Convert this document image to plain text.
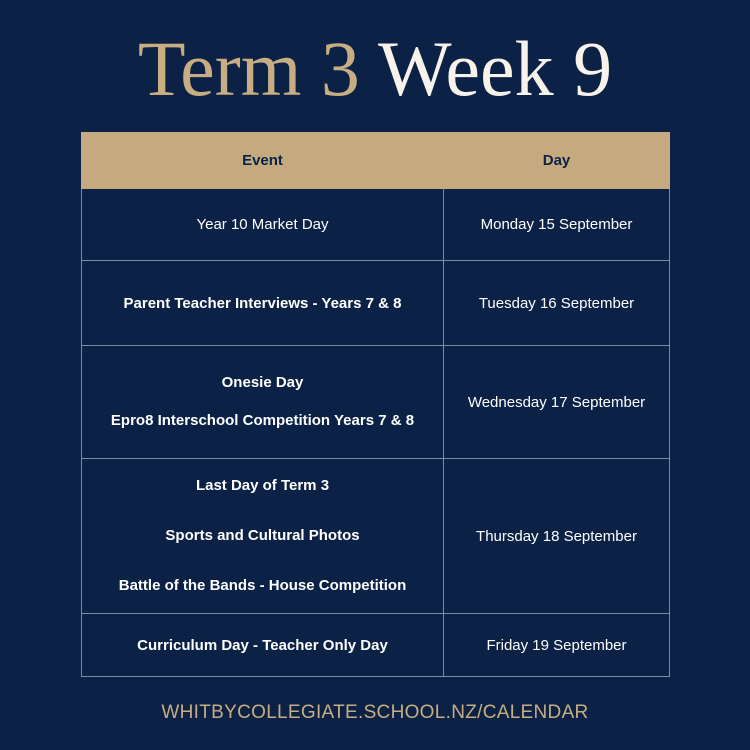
Term 3 Week 9
Event	Day

Year 10 Market Day	Monday 15 September

Parent Teacher Interviews - Years 7 & 8	Tuesday 16 September

Onesie Day
Epro8 Interschool Competition Years 7 & 8	Wednesday 17 September

Last Day of Term 3
Sports and Cultural Photos
Battle of the Bands - House Competition	Thursday 18 September

Curriculum Day - Teacher Only Day	Friday 19 September
WHITBYCOLLEGIATE.SCHOOL.NZ/CALENDAR
